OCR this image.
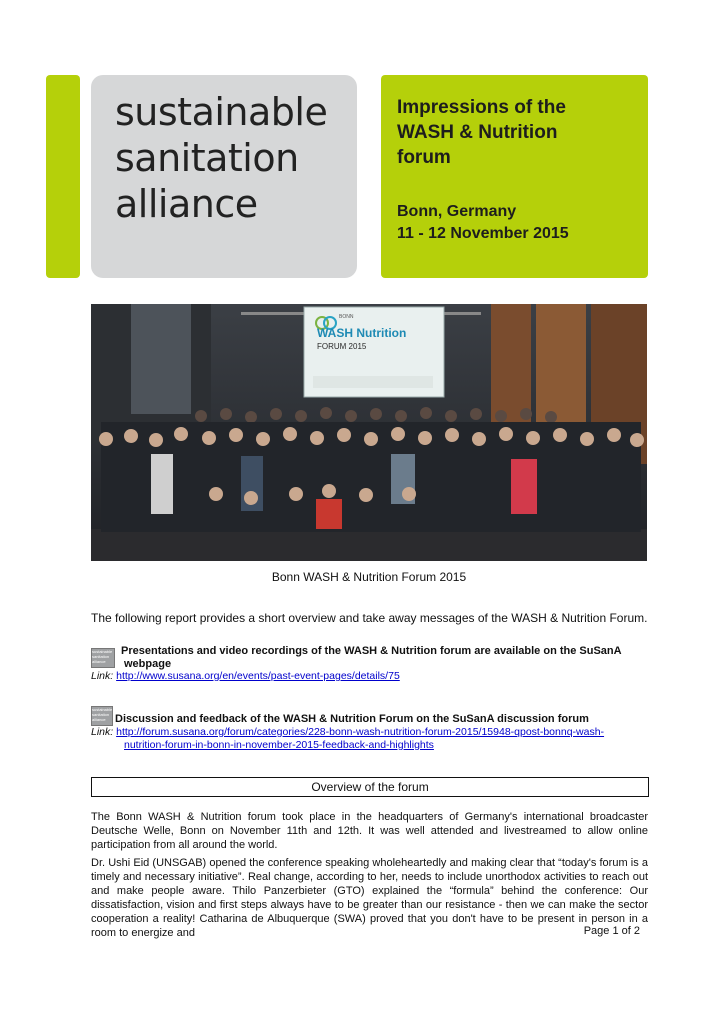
sustainable
sanitation
alliance
Impressions of the
WASH & Nutrition
forum
Bonn, Germany
11 - 12 November 2015
BONN
WASH Nutrition
FORUM 2015
Bonn WASH & Nutrition Forum 2015
The following report provides a short overview and take away messages of the WASH & Nutrition Forum.
sustainable
sanitation
alliance
Presentations and video recordings of the WASH & Nutrition forum are available on the SuSanA
webpage
Link: http://www.susana.org/en/events/past-event-pages/details/75
sustainable
sanitation
alliance Discussion and feedback of the WASH & Nutrition Forum on the SuSanA discussion forum
Link: http://forum.susana.org/forum/categories/228-bonn-wash-nutrition-forum-2015/15948-qpost-bonnq-wash-
nutrition-forum-in-bonn-in-november-2015-feedback-and-highlights
Overview of the forum
The Bonn WASH & Nutrition forum took place in the headquarters of Germany's international broadcaster Deutsche Welle, Bonn on November 11th and 12th. It was well attended and livestreamed to allow online participation from all around the world.
Dr. Ushi Eid (UNSGAB) opened the conference speaking wholeheartedly and making clear that “today's forum is a timely and necessary initiative”. Real change, according to her, needs to include unorthodox activities to reach out and make people aware. Thilo Panzerbieter (GTO) explained the “formula” behind the conference: Our dissatisfaction, vision and first steps always have to be greater than our resistance - then we can make the sector cooperation a reality! Catharina de Albuquerque (SWA) proved that you don't have to be present in person in a room to energize and	Page 1 of 2
